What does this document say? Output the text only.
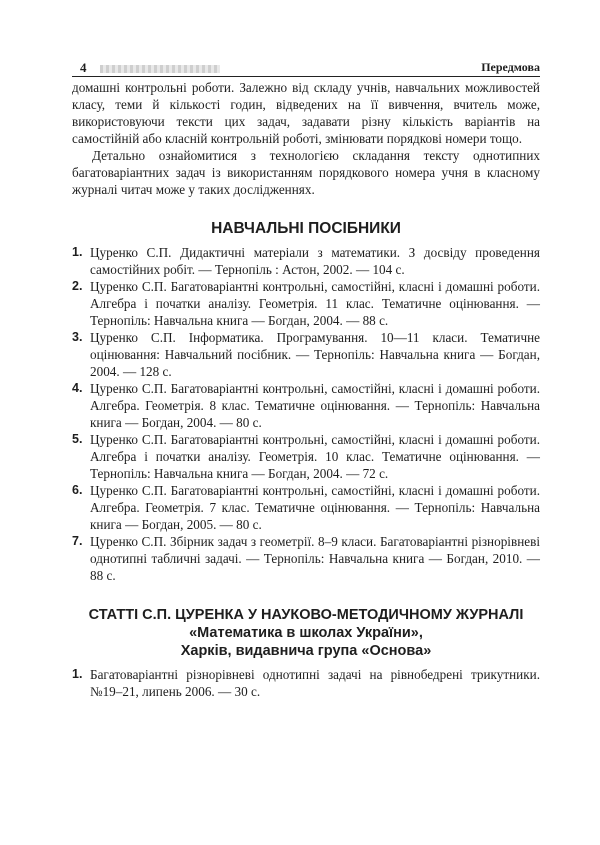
4	Передмова

домашні контрольні роботи. Залежно від складу учнів, навчальних можливостей класу, теми й кількості годин, відведених на її вивчення, вчитель може, використовуючи тексти цих задач, задавати різну кількість варіантів на самостійній або класній контрольній роботі, змінювати порядкові номери тощо.

Детально ознайомитися з технологією складання тексту однотипних багатоваріантних задач із використанням порядкового номера учня в класному журналі читач може у таких дослідженнях.

НАВЧАЛЬНІ ПОСІБНИКИ
1. Цуренко С.П. Дидактичні матеріали з математики. З досвіду проведення самостійних робіт. — Тернопіль : Астон, 2002. — 104 с.
2. Цуренко С.П. Багатоваріантні контрольні, самостійні, класні і домашні роботи. Алгебра і початки аналізу. Геометрія. 11 клас. Тематичне оцінювання. — Тернопіль: Навчальна книга — Богдан, 2004. — 88 с.
3. Цуренко С.П. Інформатика. Програмування. 10—11 класи. Тематичне оцінювання: Навчальний посібник. — Тернопіль: Навчальна книга — Богдан, 2004. — 128 с.
4. Цуренко С.П. Багатоваріантні контрольні, самостійні, класні і домашні роботи. Алгебра. Геометрія. 8 клас. Тематичне оцінювання. — Тернопіль: Навчальна книга — Богдан, 2004. — 80 с.
5. Цуренко С.П. Багатоваріантні контрольні, самостійні, класні і домашні роботи. Алгебра і початки аналізу. Геометрія. 10 клас. Тематичне оцінювання. — Тернопіль: Навчальна книга — Богдан, 2004. — 72 с.
6. Цуренко С.П. Багатоваріантні контрольні, самостійні, класні і домашні роботи. Алгебра. Геометрія. 7 клас. Тематичне оцінювання. — Тернопіль: Навчальна книга — Богдан, 2005. — 80 с.
7. Цуренко С.П. Збірник задач з геометрії. 8–9 класи. Багатоваріантні різнорівневі однотипні табличні задачі. — Тернопіль: Навчальна книга — Богдан, 2010. — 88 с.
СТАТТІ С.П. ЦУРЕНКА У НАУКОВО-МЕТОДИЧНОМУ ЖУРНАЛІ
«Математика в школах України»,
Харків, видавнича група «Основа»
1. Багатоваріантні різнорівневі однотипні задачі на рівнобедрені трикутники. №19–21, липень 2006. — 30 с.
